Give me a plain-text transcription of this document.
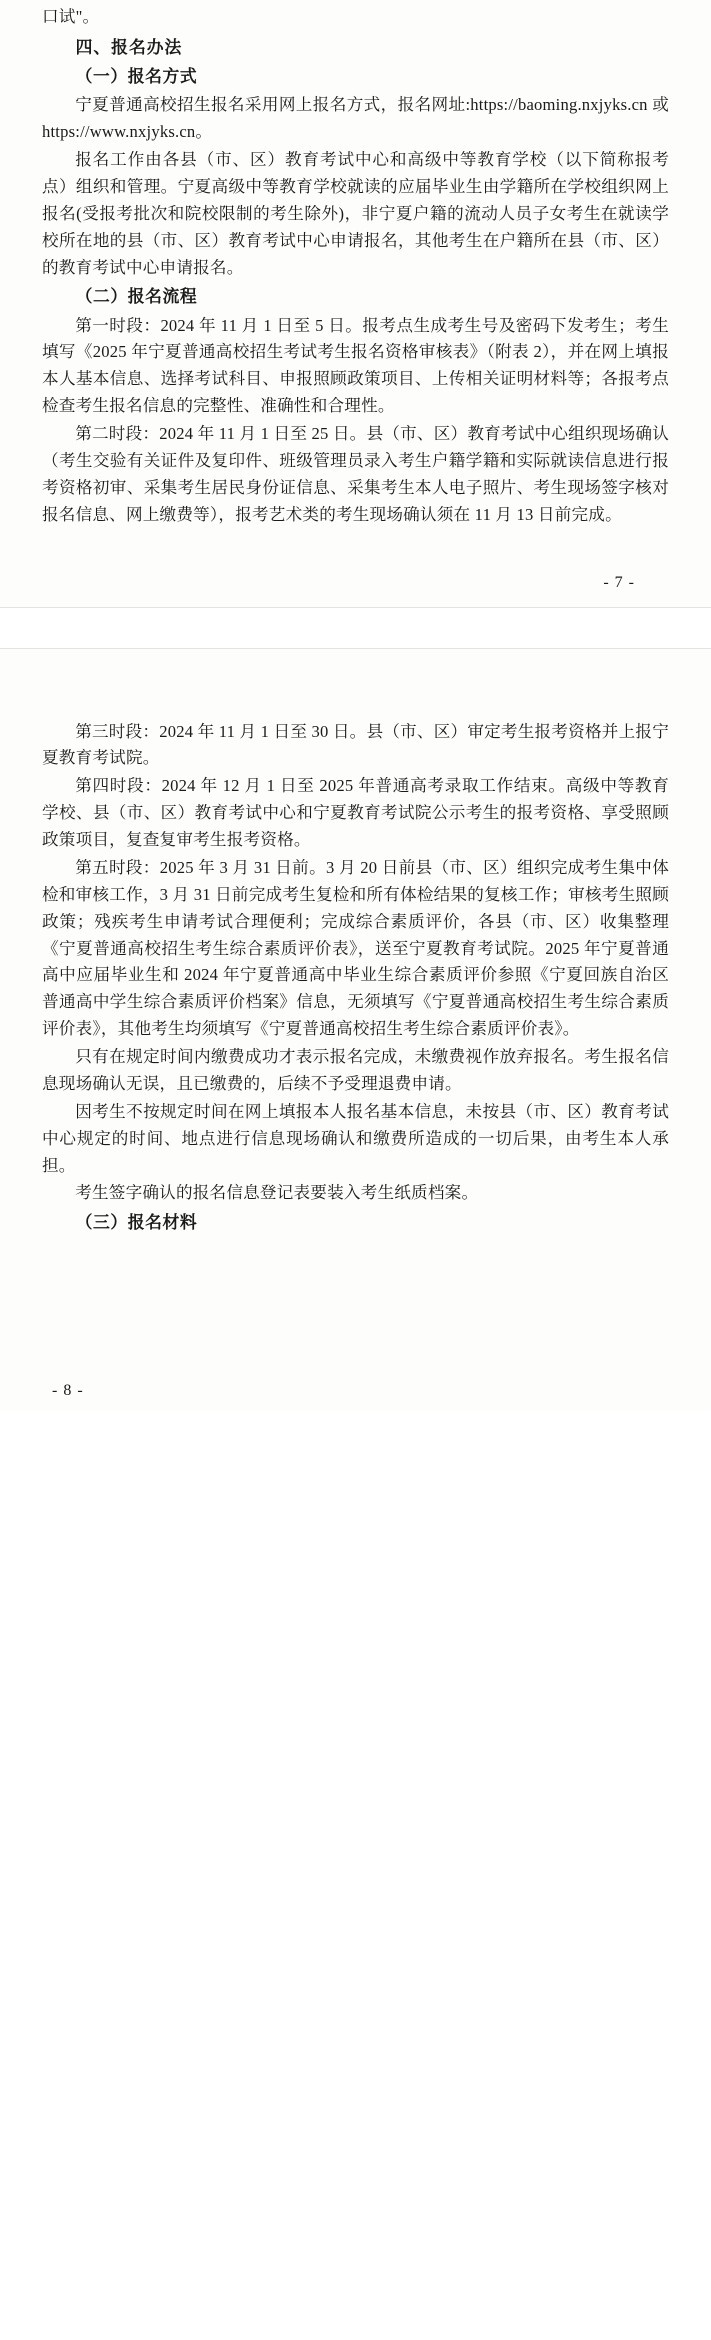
口试"。

四、报名办法

（一）报名方式

宁夏普通高校招生报名采用网上报名方式，报名网址:https://baoming.nxjyks.cn 或 https://www.nxjyks.cn。

报名工作由各县（市、区）教育考试中心和高级中等教育学校（以下简称报考点）组织和管理。宁夏高级中等教育学校就读的应届毕业生由学籍所在学校组织网上报名(受报考批次和院校限制的考生除外)，非宁夏户籍的流动人员子女考生在就读学校所在地的县（市、区）教育考试中心申请报名，其他考生在户籍所在县（市、区）的教育考试中心申请报名。

（二）报名流程

第一时段：2024 年 11 月 1 日至 5 日。报考点生成考生号及密码下发考生；考生填写《2025 年宁夏普通高校招生考试考生报名资格审核表》（附表 2），并在网上填报本人基本信息、选择考试科目、申报照顾政策项目、上传相关证明材料等；各报考点检查考生报名信息的完整性、准确性和合理性。

第二时段：2024 年 11 月 1 日至 25 日。县（市、区）教育考试中心组织现场确认（考生交验有关证件及复印件、班级管理员录入考生户籍学籍和实际就读信息进行报考资格初审、采集考生居民身份证信息、采集考生本人电子照片、考生现场签字核对报名信息、网上缴费等），报考艺术类的考生现场确认须在 11 月 13 日前完成。

- 7 -

第三时段：2024 年 11 月 1 日至 30 日。县（市、区）审定考生报考资格并上报宁夏教育考试院。

第四时段：2024 年 12 月 1 日至 2025 年普通高考录取工作结束。高级中等教育学校、县（市、区）教育考试中心和宁夏教育考试院公示考生的报考资格、享受照顾政策项目，复查复审考生报考资格。

第五时段：2025 年 3 月 31 日前。3 月 20 日前县（市、区）组织完成考生集中体检和审核工作，3 月 31 日前完成考生复检和所有体检结果的复核工作；审核考生照顾政策；残疾考生申请考试合理便利；完成综合素质评价，各县（市、区）收集整理《宁夏普通高校招生考生综合素质评价表》，送至宁夏教育考试院。2025 年宁夏普通高中应届毕业生和 2024 年宁夏普通高中毕业生综合素质评价参照《宁夏回族自治区普通高中学生综合素质评价档案》信息，无须填写《宁夏普通高校招生考生综合素质评价表》，其他考生均须填写《宁夏普通高校招生考生综合素质评价表》。

只有在规定时间内缴费成功才表示报名完成，未缴费视作放弃报名。考生报名信息现场确认无误，且已缴费的，后续不予受理退费申请。

因考生不按规定时间在网上填报本人报名基本信息，未按县（市、区）教育考试中心规定的时间、地点进行信息现场确认和缴费所造成的一切后果，由考生本人承担。

考生签字确认的报名信息登记表要装入考生纸质档案。

（三）报名材料

- 8 -
